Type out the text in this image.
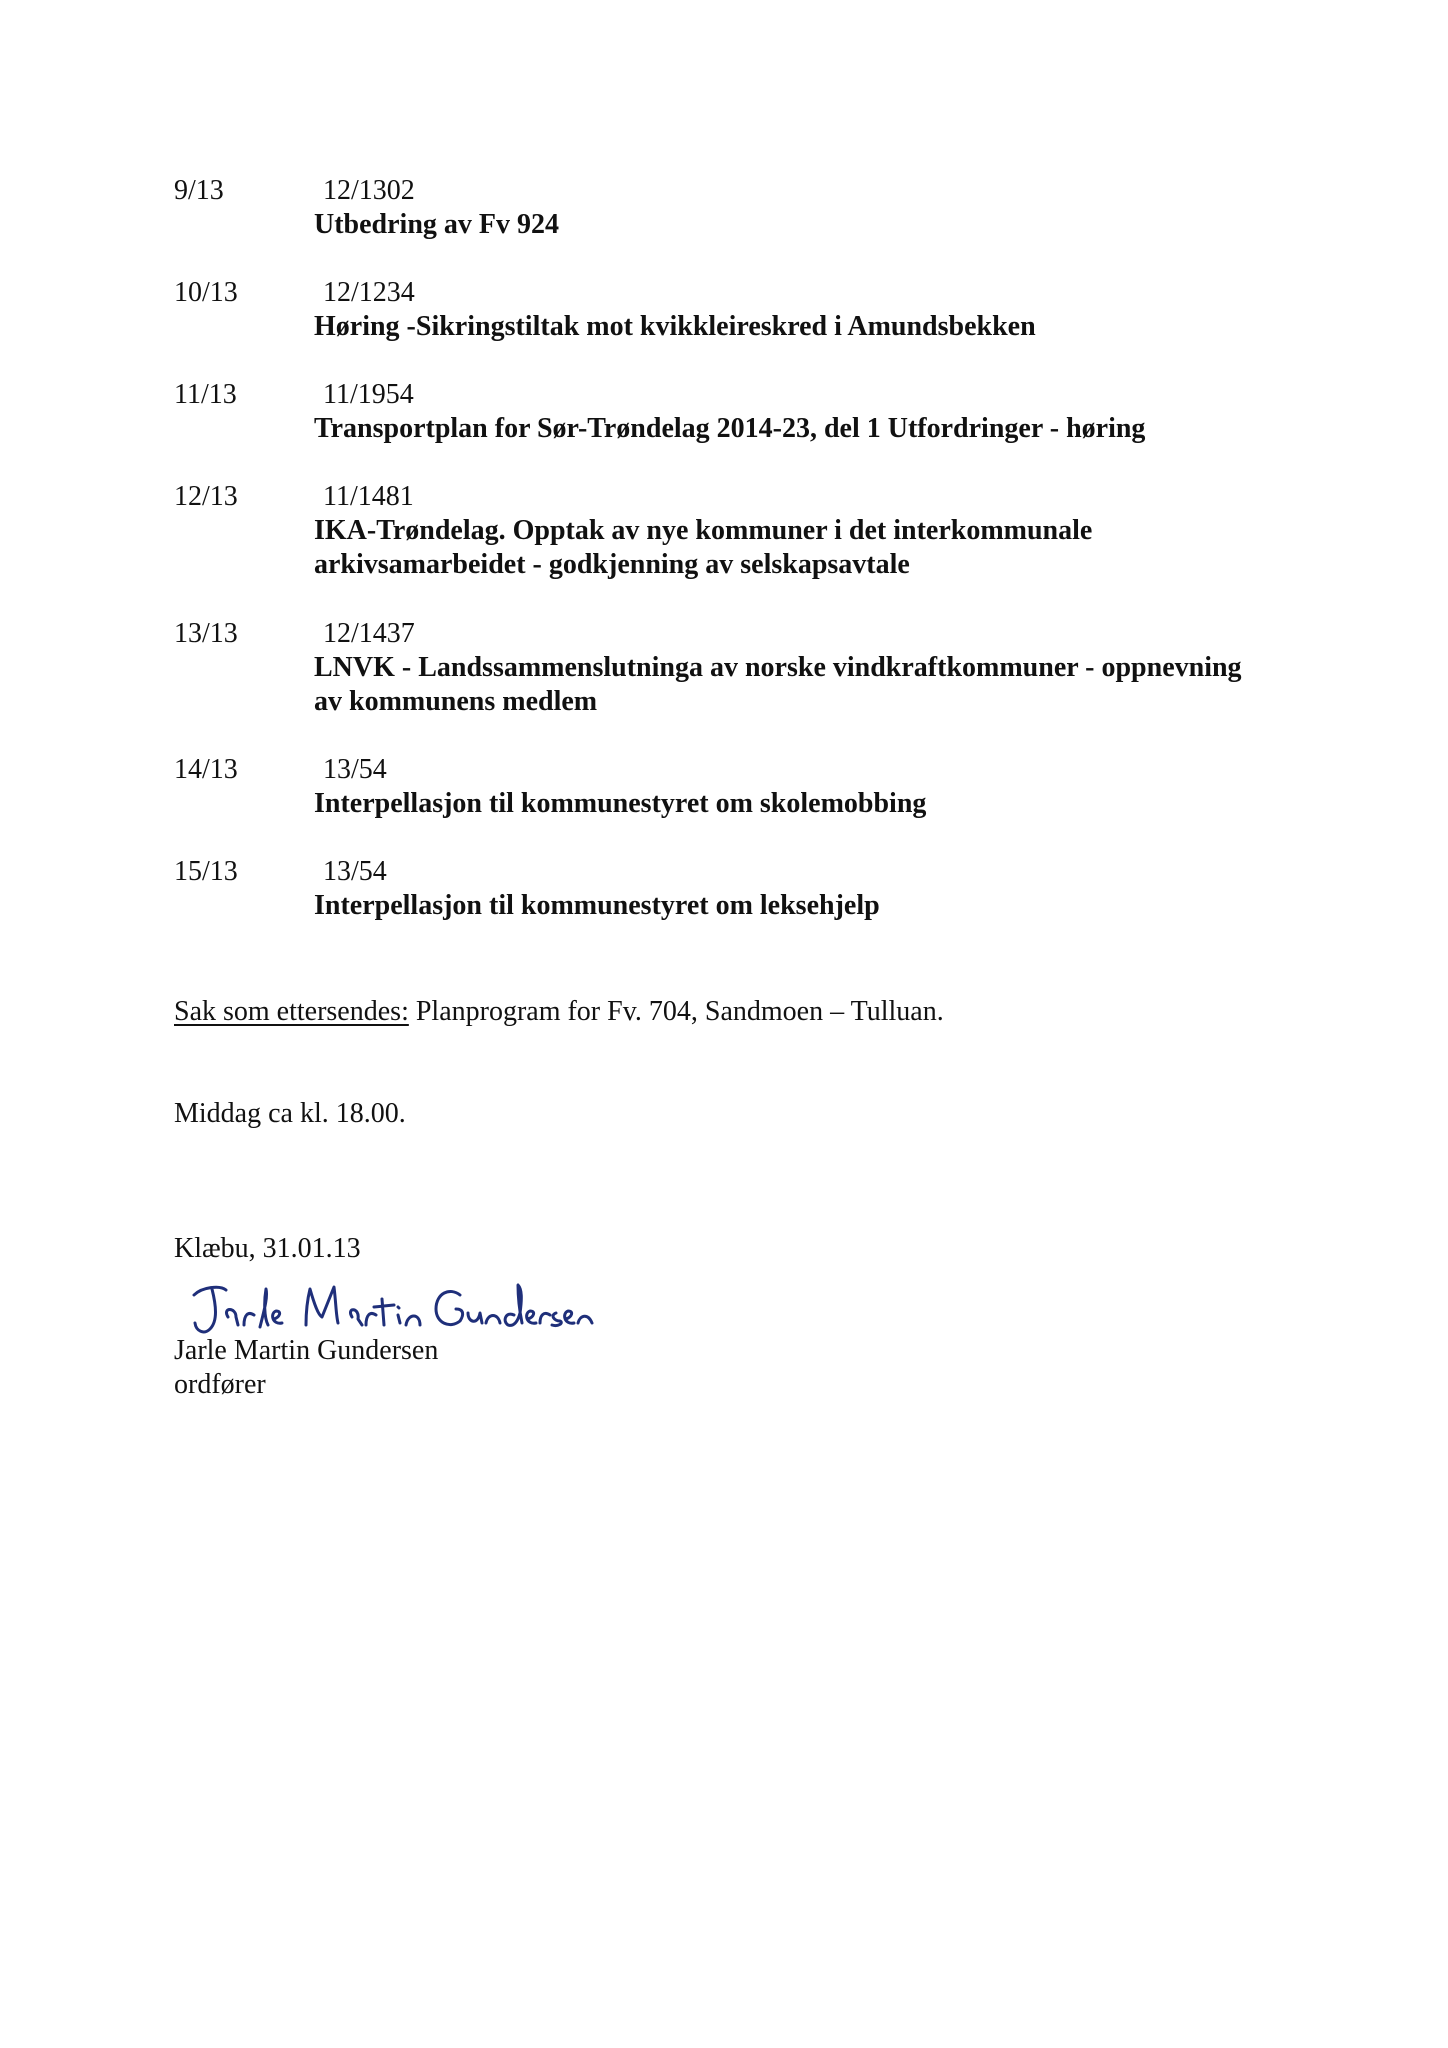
9/13	12/1302
Utbedring av Fv 924
10/13	12/1234
Høring -Sikringstiltak mot kvikkleireskred i Amundsbekken
11/13	11/1954
Transportplan for Sør-Trøndelag 2014-23, del 1 Utfordringer - høring
12/13	11/1481
IKA-Trøndelag. Opptak av nye kommuner i det interkommunale arkivsamarbeidet - godkjenning av selskapsavtale
13/13	12/1437
LNVK - Landssammenslutninga av norske vindkraftkommuner - oppnevning av kommunens medlem
14/13	13/54
Interpellasjon til kommunestyret om skolemobbing
15/13	13/54
Interpellasjon til kommunestyret om leksehjelp
Sak som ettersendes: Planprogram for Fv. 704, Sandmoen – Tulluan.
Middag ca kl. 18.00.
Klæbu, 31.01.13
Jarle Martin Gundersen
ordfører
